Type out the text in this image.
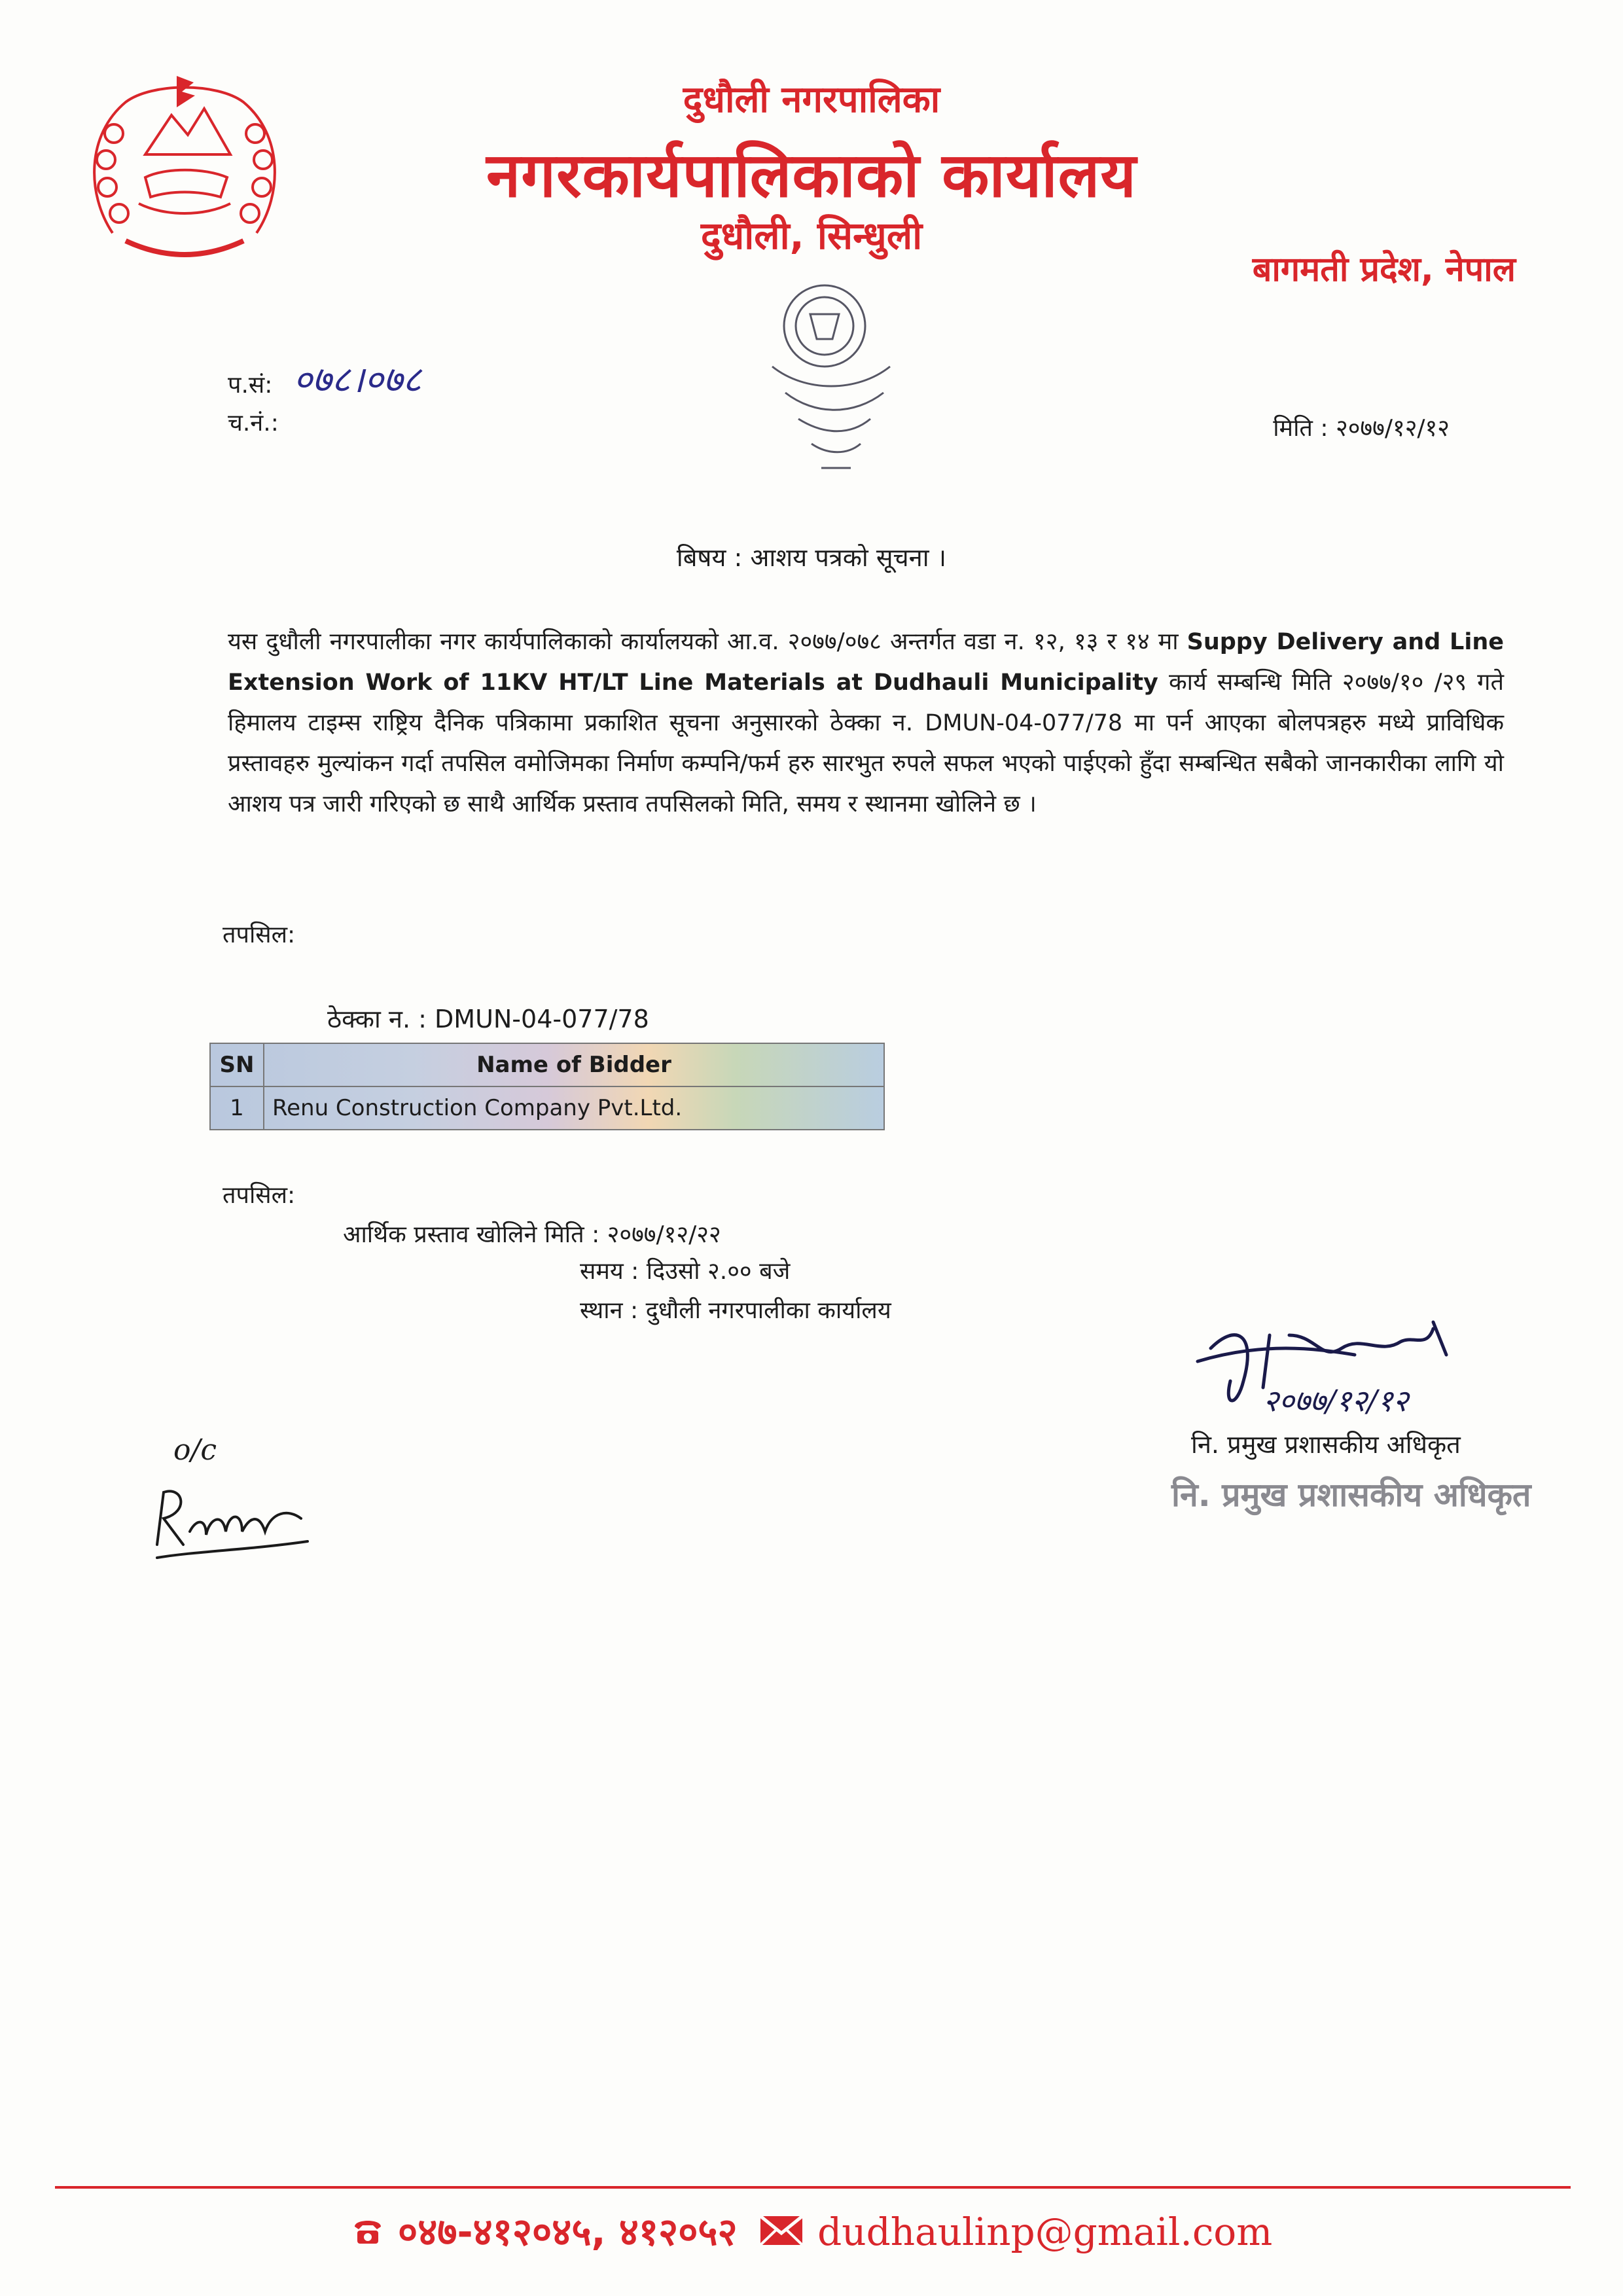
दुधौली नगरपालिका
नगरकार्यपालिकाको कार्यालय
दुधौली, सिन्धुली
बागमती प्रदेश, नेपाल
प.सं: ०७८।०७८
च.नं.:	मिति : २०७७/१२/१२
बिषय : आशय पत्रको सूचना ।
यस दुधौली नगरपालीका नगर कार्यपालिकाको कार्यालयको आ.व. २०७७/०७८ अन्तर्गत वडा न. १२, १३ र १४ मा Suppy Delivery and Line Extension Work of 11KV HT/LT Line Materials at Dudhauli Municipality कार्य सम्बन्धि मिति २०७७/१० /२९ गते हिमालय टाइम्स राष्ट्रिय दैनिक पत्रिकामा प्रकाशित सूचना अनुसारको ठेक्का न. DMUN-04-077/78 मा पर्न आएका बोलपत्रहरु मध्ये प्राविधिक प्रस्तावहरु मुल्यांकन गर्दा तपसिल वमोजिमका निर्माण कम्पनि/फर्म हरु सारभुत रुपले सफल भएको पाईएको हुँदा सम्बन्धित सबैको जानकारीका लागि यो आशय पत्र जारी गरिएको छ साथै आर्थिक प्रस्ताव तपसिलको मिति, समय र स्थानमा खोलिने छ ।
तपसिल:
ठेक्का न. : DMUN-04-077/78
SN	Name of Bidder
1	Renu Construction Company Pvt.Ltd.
तपसिल:
आर्थिक प्रस्ताव खोलिने मिति : २०७७/१२/२२
समय : दिउसो २.०० बजे
स्थान : दुधौली नगरपालीका कार्यालय
२०७७/१२/१२
नि. प्रमुख प्रशासकीय अधिकृत
नि. प्रमुख प्रशासकीय अधिकृत
o/c
०४७-४१२०४५, ४१२०५२ dudhaulinp@gmail.com
